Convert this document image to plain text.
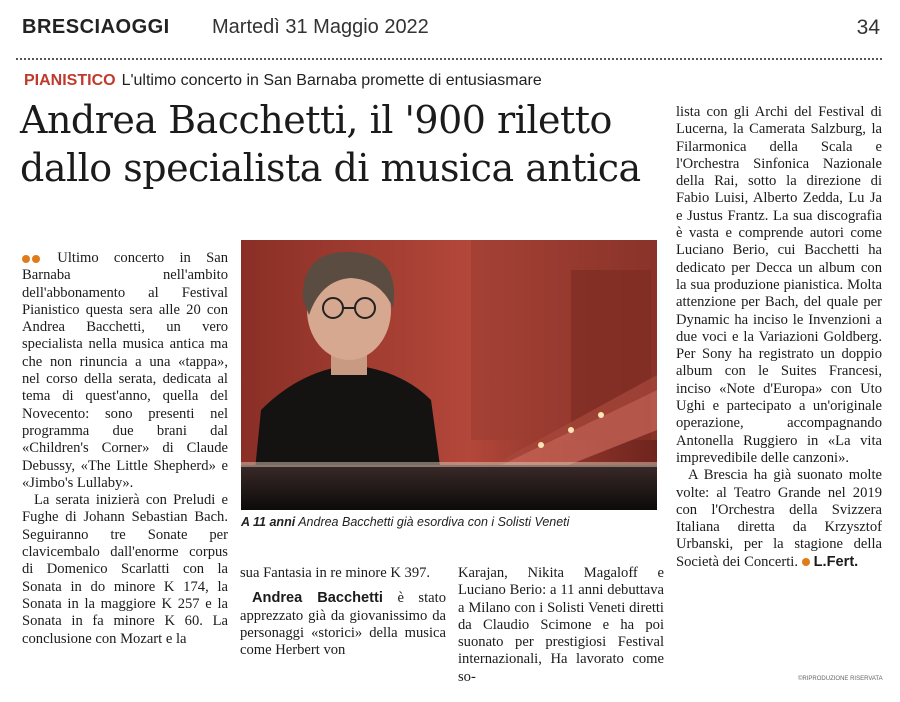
BRESCIAOGGI Martedì 31 Maggio 2022	34
PIANISTICO L'ultimo concerto in San Barnaba promette di entusiasmare
Andrea Bacchetti, il '900 riletto
dallo specialista di musica antica

Ultimo concerto in San Barnaba nell'ambito dell'abbonamento al Festival Pianistico questa sera alle 20 con Andrea Bacchetti, un vero specialista nella musica antica ma che non rinuncia a una «tappa», nel corso della serata, dedicata al tema di quest'anno, quella del Novecento: sono presenti nel programma due brani dal «Children's Corner» di Claude Debussy, «The Little Shepherd» e «Jimbo's Lullaby».

La serata inizierà con Preludi e Fughe di Johann Sebastian Bach. Seguiranno tre Sonate per clavicembalo dall'enorme corpus di Domenico Scarlatti con la Sonata in do minore K 174, la Sonata in la maggiore K 257 e la Sonata in fa minore K 60. La conclusione con Mozart e la

A 11 anni Andrea Bacchetti già esordiva con i Solisti Veneti

sua Fantasia in re minore K 397.

Andrea Bacchetti è stato apprezzato già da giovanissimo da personaggi «storici» della musica come Herbert von

Karajan, Nikita Magaloff e Luciano Berio: a 11 anni debuttava a Milano con i Solisti Veneti diretti da Claudio Scimone e ha poi suonato per prestigiosi Festival internazionali, Ha lavorato come so-

lista con gli Archi del Festival di Lucerna, la Camerata Salzburg, la Filarmonica della Scala e l'Orchestra Sinfonica Nazionale della Rai, sotto la direzione di Fabio Luisi, Alberto Zedda, Lu Ja e Justus Frantz. La sua discografia è vasta e comprende autori come Luciano Berio, cui Bacchetti ha dedicato per Decca un album con la sua produzione pianistica. Molta attenzione per Bach, del quale per Dynamic ha inciso le Invenzioni a due voci e la Variazioni Goldberg. Per Sony ha registrato un doppio album con le Suites Francesi, inciso «Note d'Europa» con Uto Ughi e partecipato a un'originale operazione, accompagnando Antonella Ruggiero in «La vita imprevedibile delle canzoni».

A Brescia ha già suonato molte volte: al Teatro Grande nel 2019 con l'Orchestra della Svizzera Italiana diretta da Krzysztof Urbanski, per la stagione della Società dei Concerti. L.Fert.

©RIPRODUZIONE RISERVATA
